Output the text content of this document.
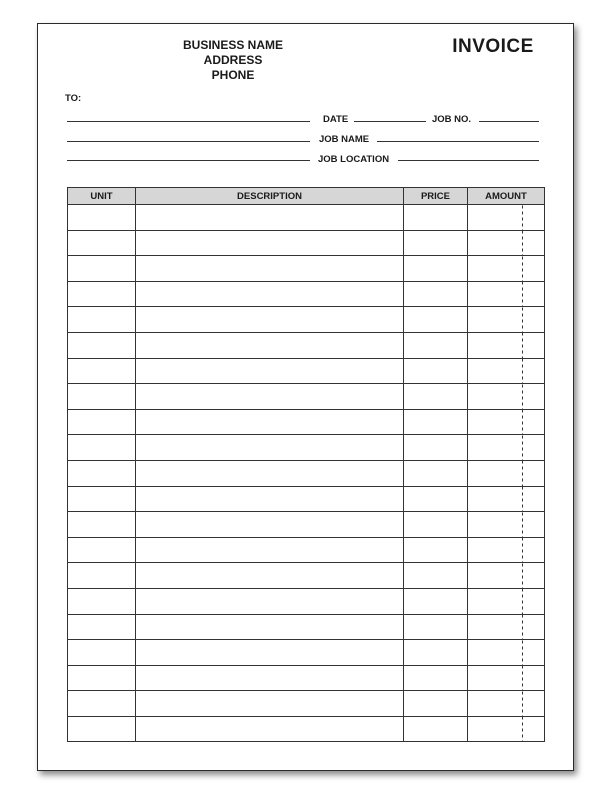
BUSINESS NAME
ADDRESS
PHONE
INVOICE
TO:
DATE	JOB NO.
JOB NAME
JOB LOCATION
UNIT	DESCRIPTION	PRICE	AMOUNT
